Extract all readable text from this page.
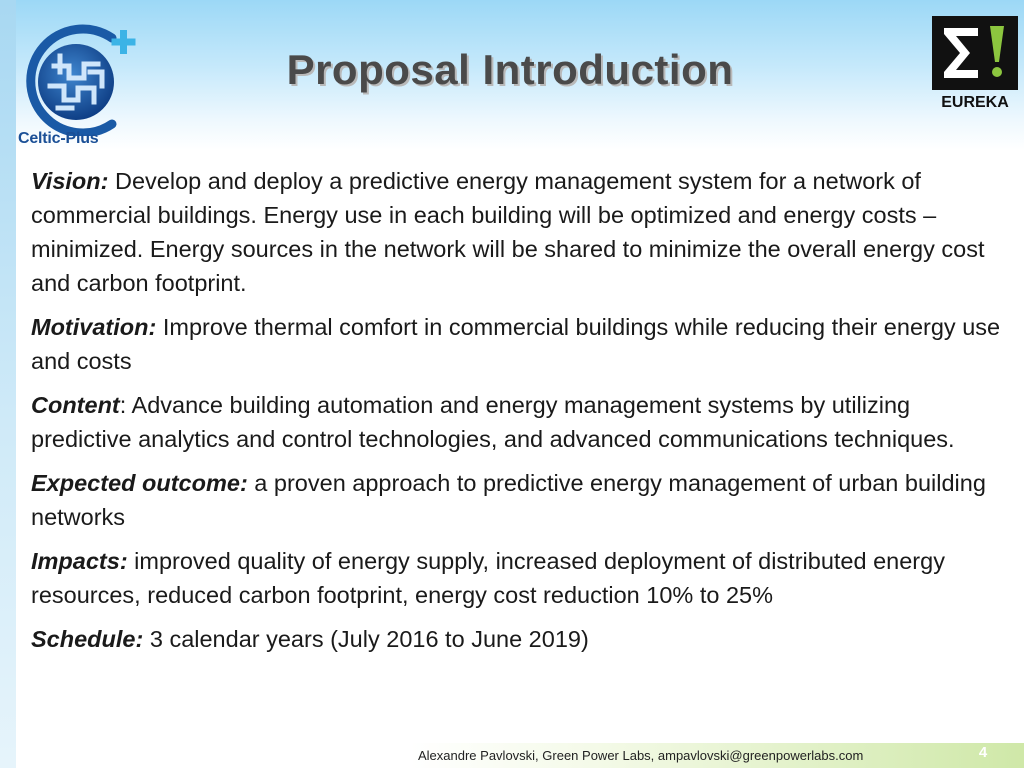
Celtic-Plus
EUREKA
Proposal Introduction

Vision: Develop and deploy a predictive energy management system for a network of commercial buildings. Energy use in each building will be optimized and energy costs – minimized. Energy sources in the network will be shared to minimize the overall energy cost and carbon footprint.

Motivation: Improve thermal comfort in commercial buildings while reducing their energy use and costs

Content: Advance building automation and energy management systems by utilizing predictive analytics and control technologies, and advanced communications techniques.

Expected outcome: a proven approach to predictive energy management of urban building networks

Impacts: improved quality of energy supply, increased deployment of distributed energy resources, reduced carbon footprint, energy cost reduction 10% to 25%

Schedule: 3 calendar years (July 2016 to June 2019)

Alexandre Pavlovski, Green Power Labs, ampavlovski@greenpowerlabs.com	4
